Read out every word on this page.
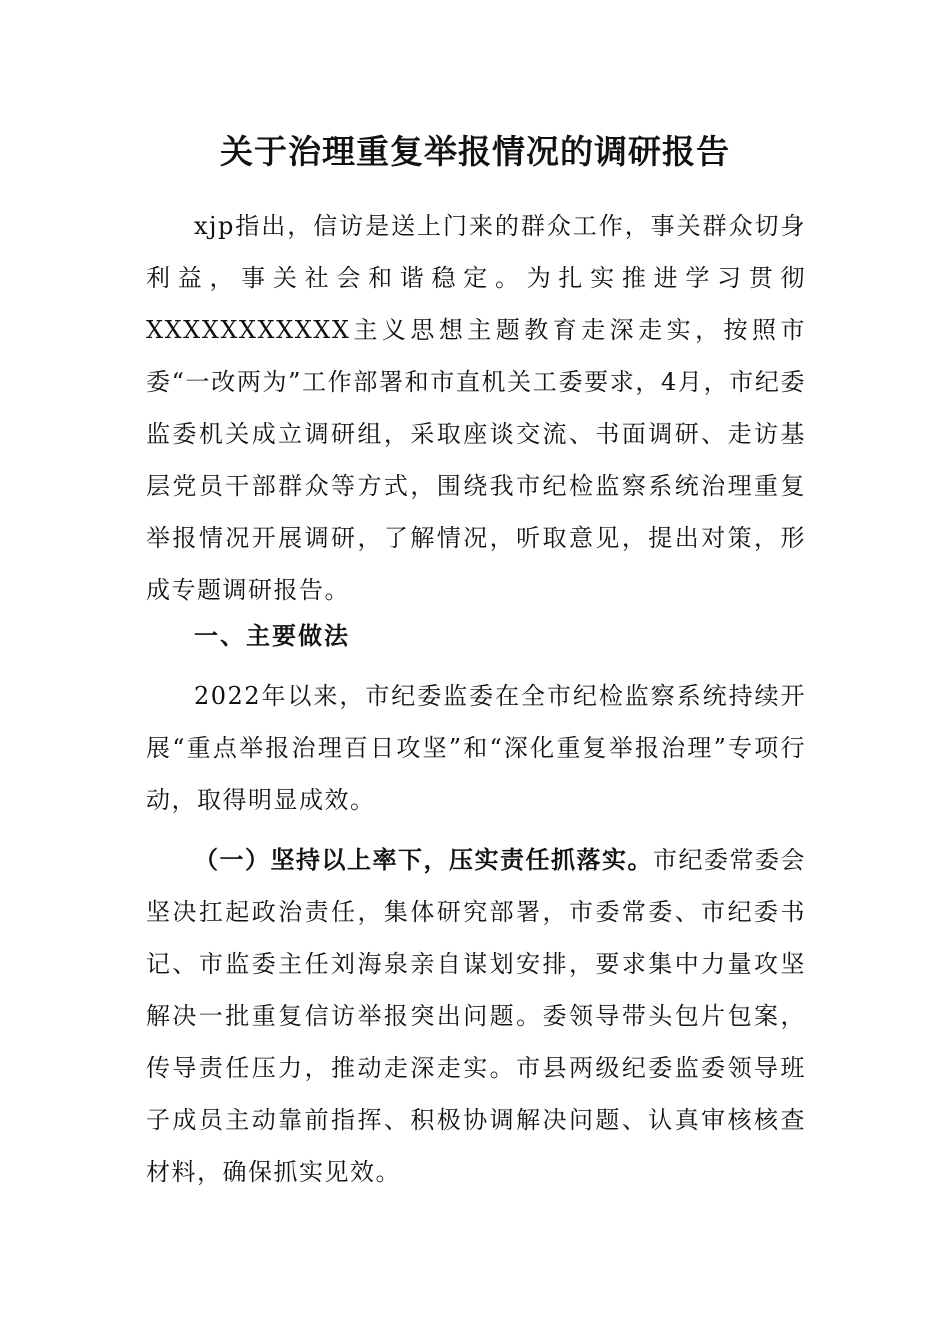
关于治理重复举报情况的调研报告
xjp指出，信访是送上门来的群众工作，事关群众切身利益，事关社会和谐稳定。为扎实推进学习贯彻XXXXXXXXXXX主义思想主题教育走深走实，按照市委“一改两为”工作部署和市直机关工委要求，4月，市纪委监委机关成立调研组，采取座谈交流、书面调研、走访基层党员干部群众等方式，围绕我市纪检监察系统治理重复举报情况开展调研，了解情况，听取意见，提出对策，形成专题调研报告。
一、主要做法
2022年以来，市纪委监委在全市纪检监察系统持续开展“重点举报治理百日攻坚”和“深化重复举报治理”专项行动，取得明显成效。
（一）坚持以上率下，压实责任抓落实。市纪委常委会坚决扛起政治责任，集体研究部署，市委常委、市纪委书记、市监委主任刘海泉亲自谋划安排，要求集中力量攻坚解决一批重复信访举报突出问题。委领导带头包片包案，传导责任压力，推动走深走实。市县两级纪委监委领导班子成员主动靠前指挥、积极协调解决问题、认真审核核查材料，确保抓实见效。
